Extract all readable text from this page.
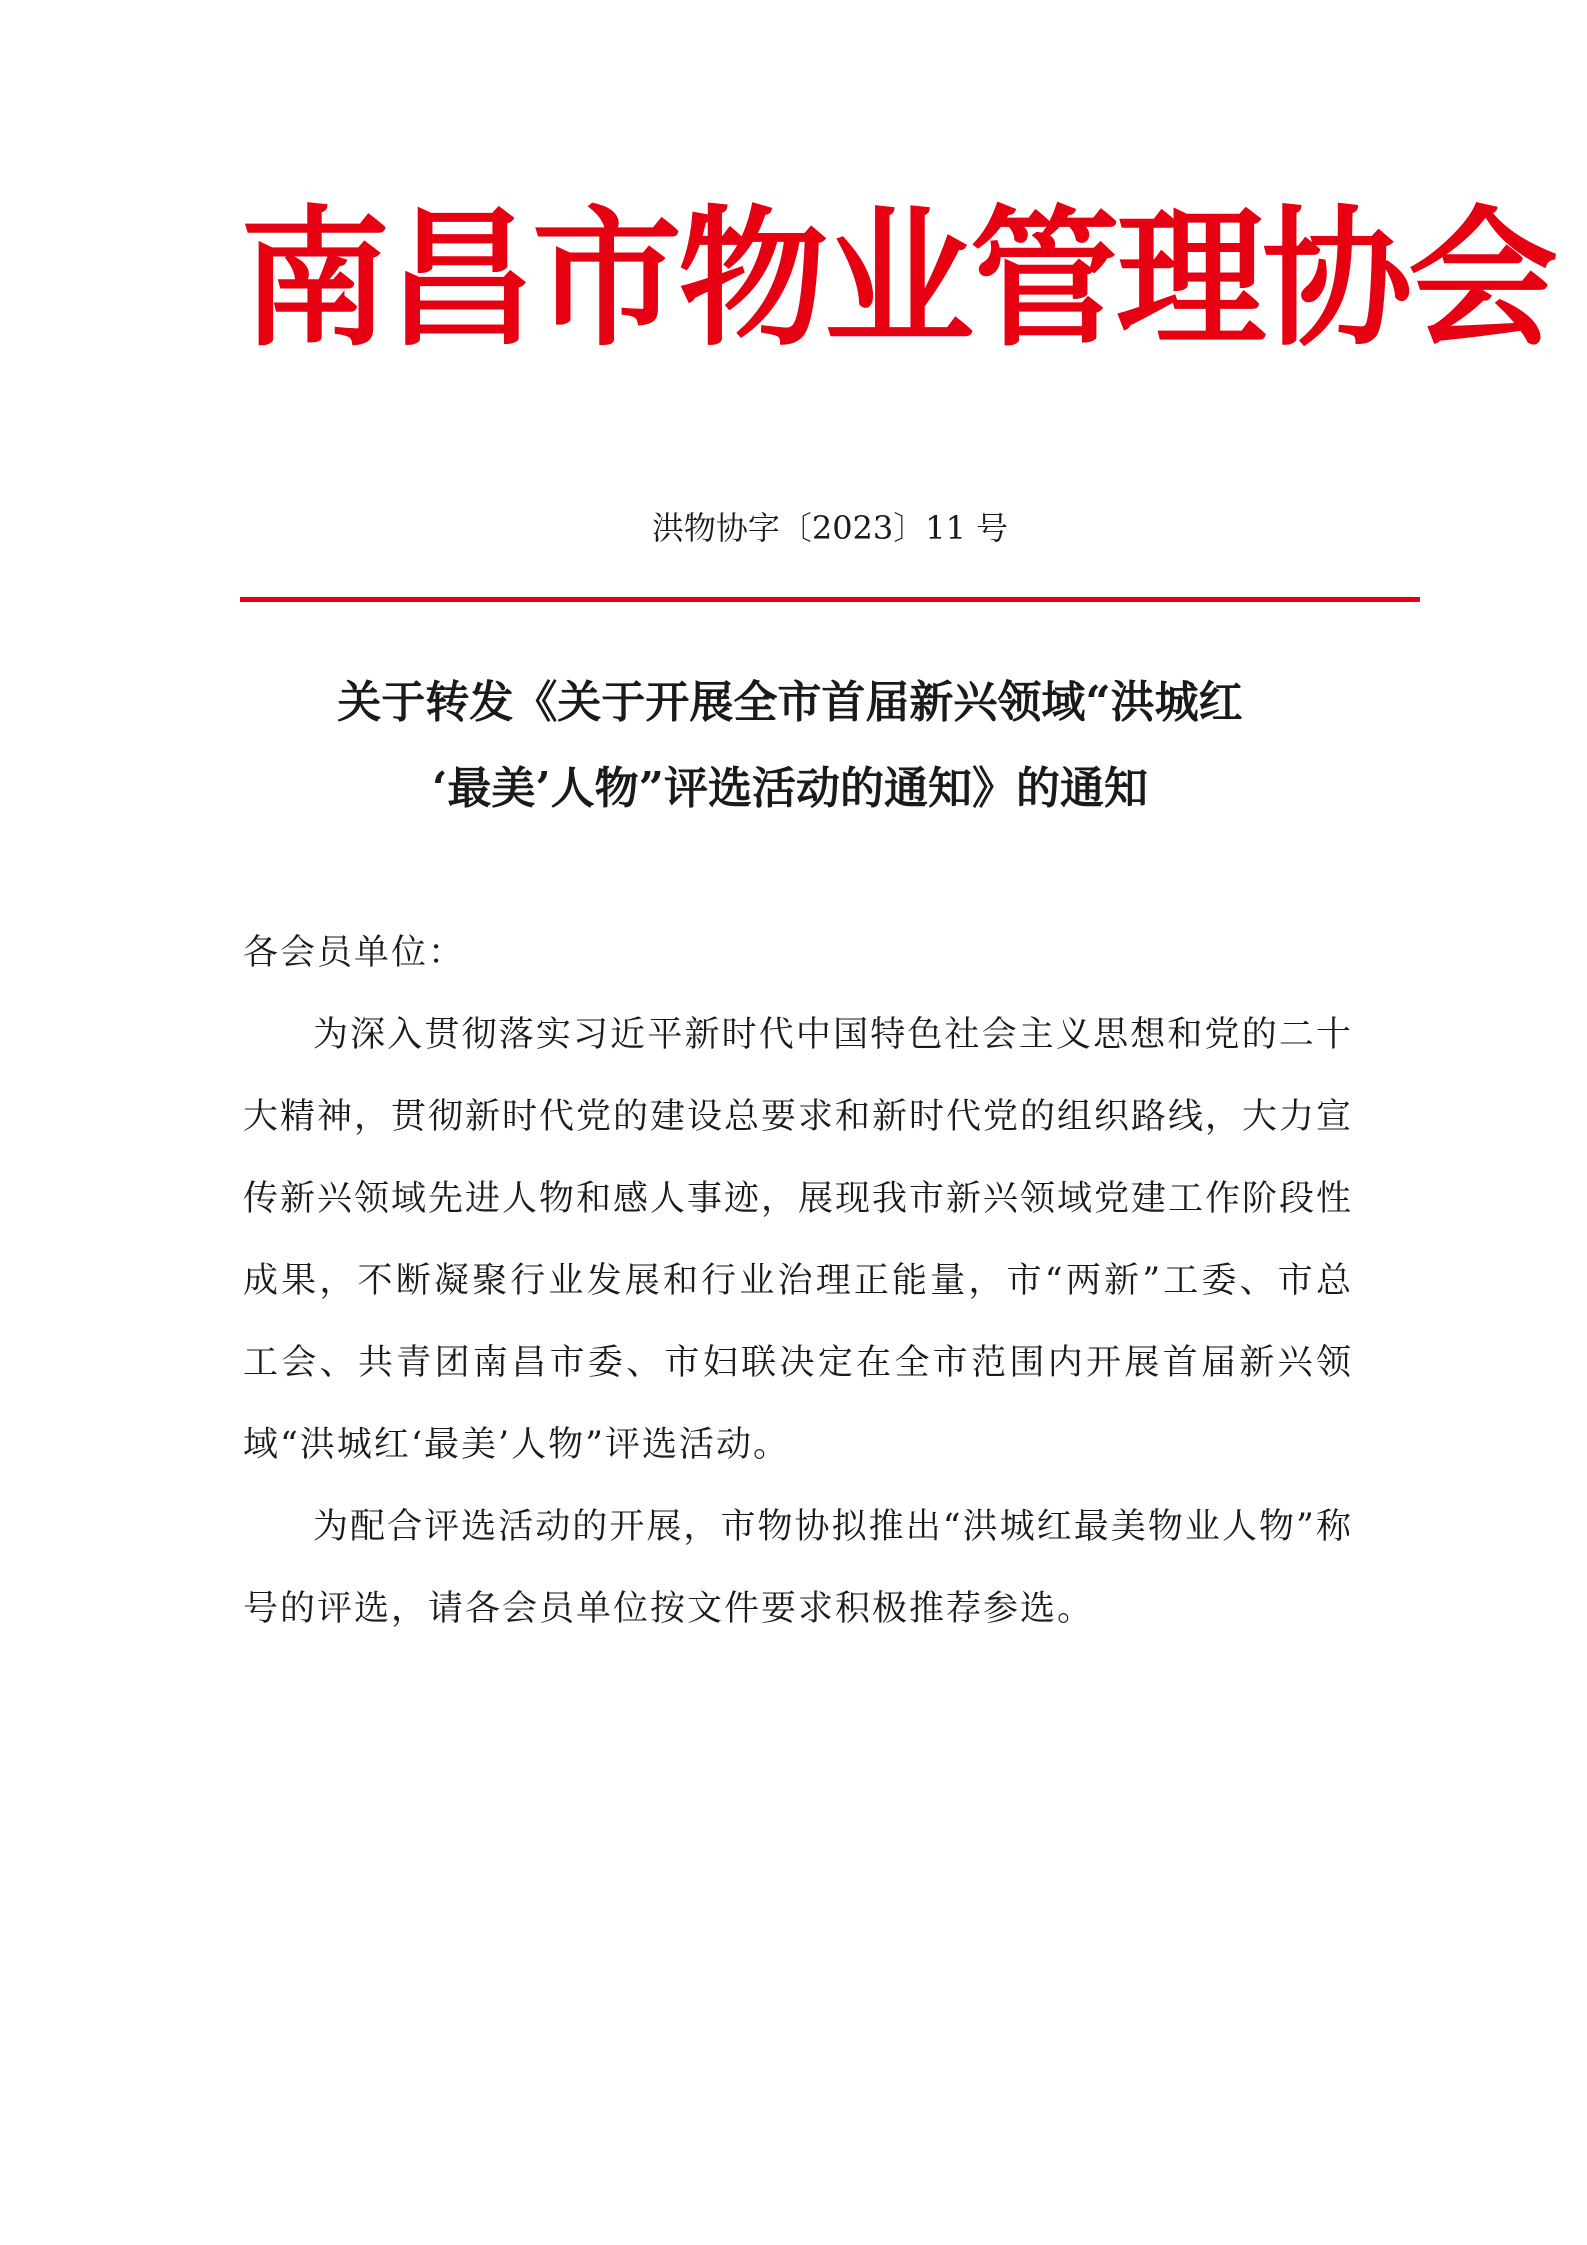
南昌市物业管理协会
洪物协字〔2023〕11 号
关于转发《关于开展全市首届新兴领域“洪城红
‘最美’人物”评选活动的通知》的通知

各会员单位：

为深入贯彻落实习近平新时代中国特色社会主义思想和党的二十大精神，贯彻新时代党的建设总要求和新时代党的组织路线，大力宣传新兴领域先进人物和感人事迹，展现我市新兴领域党建工作阶段性成果，不断凝聚行业发展和行业治理正能量，市“两新”工委、市总工会、共青团南昌市委、市妇联决定在全市范围内开展首届新兴领域“洪城红‘最美’人物”评选活动。

为配合评选活动的开展，市物协拟推出“洪城红最美物业人物”称号的评选，请各会员单位按文件要求积极推荐参选。
